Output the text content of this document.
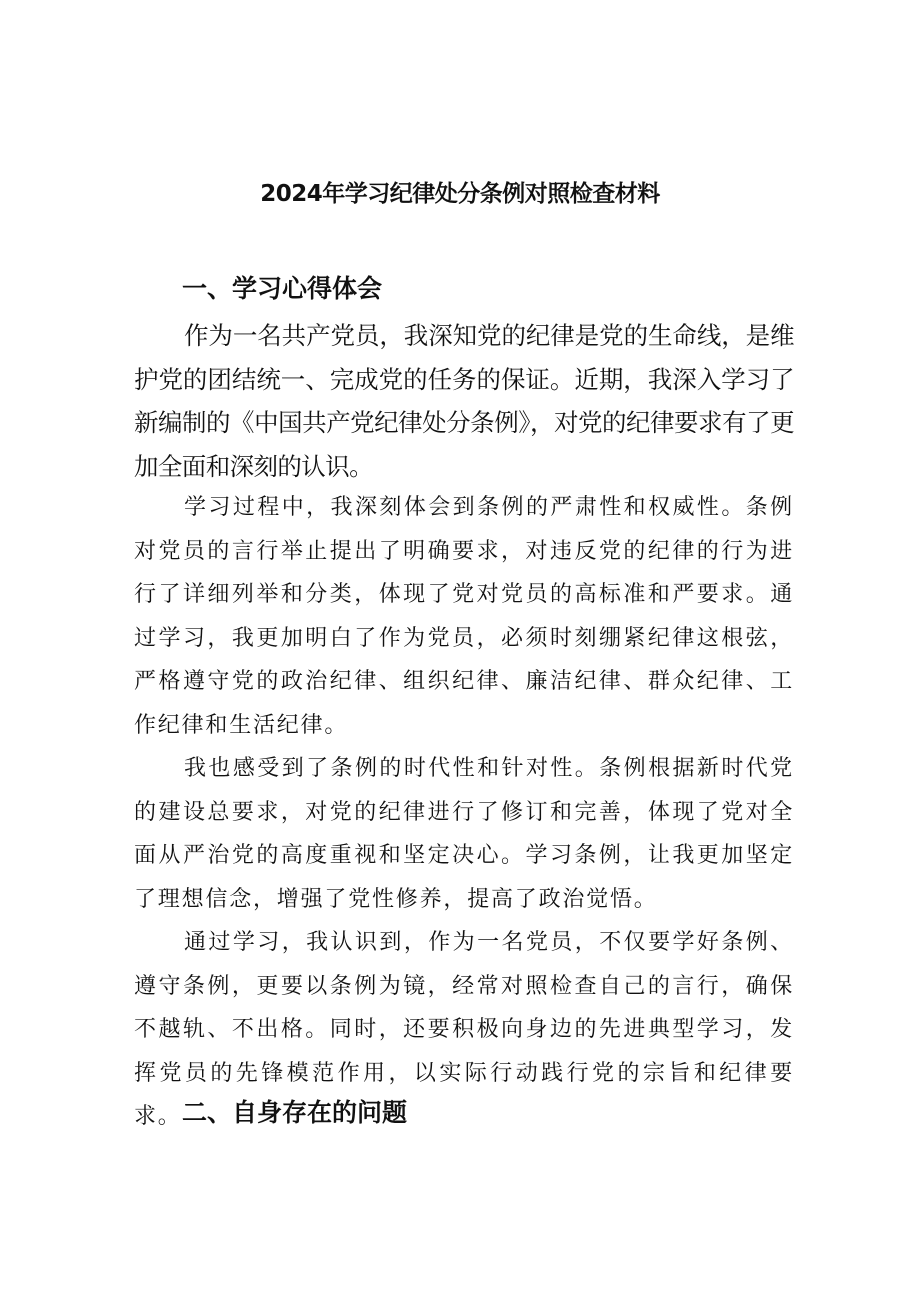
2024年学习纪律处分条例对照检查材料
一、学习心得体会

作为一名共产党员，我深知党的纪律是党的生命线，是维护党的团结统一、完成党的任务的保证。近期，我深入学习了新编制的《中国共产党纪律处分条例》，对党的纪律要求有了更加全面和深刻的认识。

学习过程中，我深刻体会到条例的严肃性和权威性。条例对党员的言行举止提出了明确要求，对违反党的纪律的行为进行了详细列举和分类，体现了党对党员的高标准和严要求。通过学习，我更加明白了作为党员，必须时刻绷紧纪律这根弦，严格遵守党的政治纪律、组织纪律、廉洁纪律、群众纪律、工作纪律和生活纪律。

我也感受到了条例的时代性和针对性。条例根据新时代党的建设总要求，对党的纪律进行了修订和完善，体现了党对全面从严治党的高度重视和坚定决心。学习条例，让我更加坚定了理想信念，增强了党性修养，提高了政治觉悟。

通过学习，我认识到，作为一名党员，不仅要学好条例、遵守条例，更要以条例为镜，经常对照检查自己的言行，确保不越轨、不出格。同时，还要积极向身边的先进典型学习，发挥党员的先锋模范作用，以实际行动践行党的宗旨和纪律要求。 二、自身存在的问题
